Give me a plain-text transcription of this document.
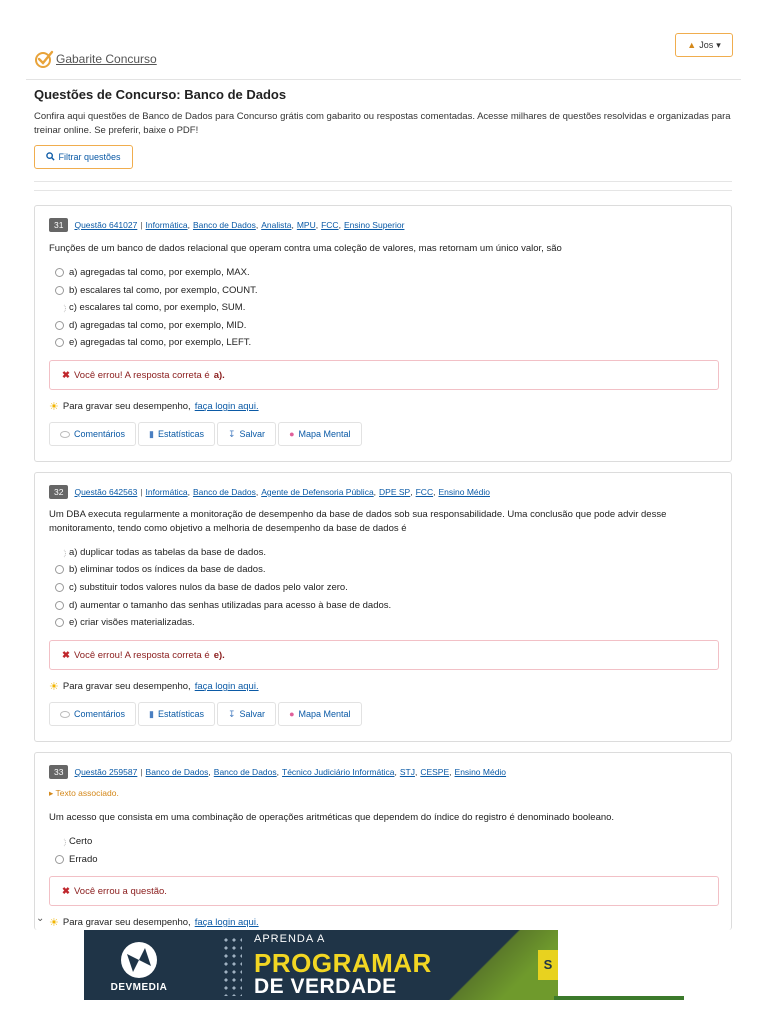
Gabarite Concurso
▲ Jos ▾
Questões de Concurso: Banco de Dados

Confira aqui questões de Banco de Dados para Concurso grátis com gabarito ou respostas comentadas. Acesse milhares de questões resolvidas e organizadas para treinar online. Se preferir, baixe o PDF!

Filtrar questões
31	Questão 641027 | Informática , Banco de Dados , Analista , MPU , FCC , Ensino Superior
Funções de um banco de dados relacional que operam contra uma coleção de valores, mas retornam um único valor, são
a) agregadas tal como, por exemplo, MAX.
b) escalares tal como, por exemplo, COUNT.
c) escalares tal como, por exemplo, SUM.
d) agregadas tal como, por exemplo, MID.
e) agregadas tal como, por exemplo, LEFT.
✖ Você errou! A resposta correta é a).
☀ Para gravar seu desempenho, faça login aqui.
Comentários	▮ Estatísticas	↧ Salvar	● Mapa Mental
32	Questão 642563 | Informática , Banco de Dados , Agente de Defensoria Pública , DPE SP , FCC , Ensino Médio
Um DBA executa regularmente a monitoração de desempenho da base de dados sob sua responsabilidade. Uma conclusão que pode advir desse monitoramento, tendo como objetivo a melhoria de desempenho da base de dados é
a) duplicar todas as tabelas da base de dados.
b) eliminar todos os índices da base de dados.
c) substituir todos valores nulos da base de dados pelo valor zero.
d) aumentar o tamanho das senhas utilizadas para acesso à base de dados.
e) criar visões materializadas.
✖ Você errou! A resposta correta é e).
☀ Para gravar seu desempenho, faça login aqui.
Comentários	▮ Estatísticas	↧ Salvar	● Mapa Mental
33	Questão 259587 | Banco de Dados , Banco de Dados , Técnico Judiciário Informática , STJ , CESPE , Ensino Médio
▸ Texto associado.
Um acesso que consista em uma combinação de operações aritméticas que dependem do índice do registro é denominado booleano.
Certo
Errado
✖ Você errou a questão.
☀ Para gravar seu desempenho, faça login aqui.
⌄
S
DEVMEDIA
APRENDA A
PROGRAMAR
DE VERDADE
